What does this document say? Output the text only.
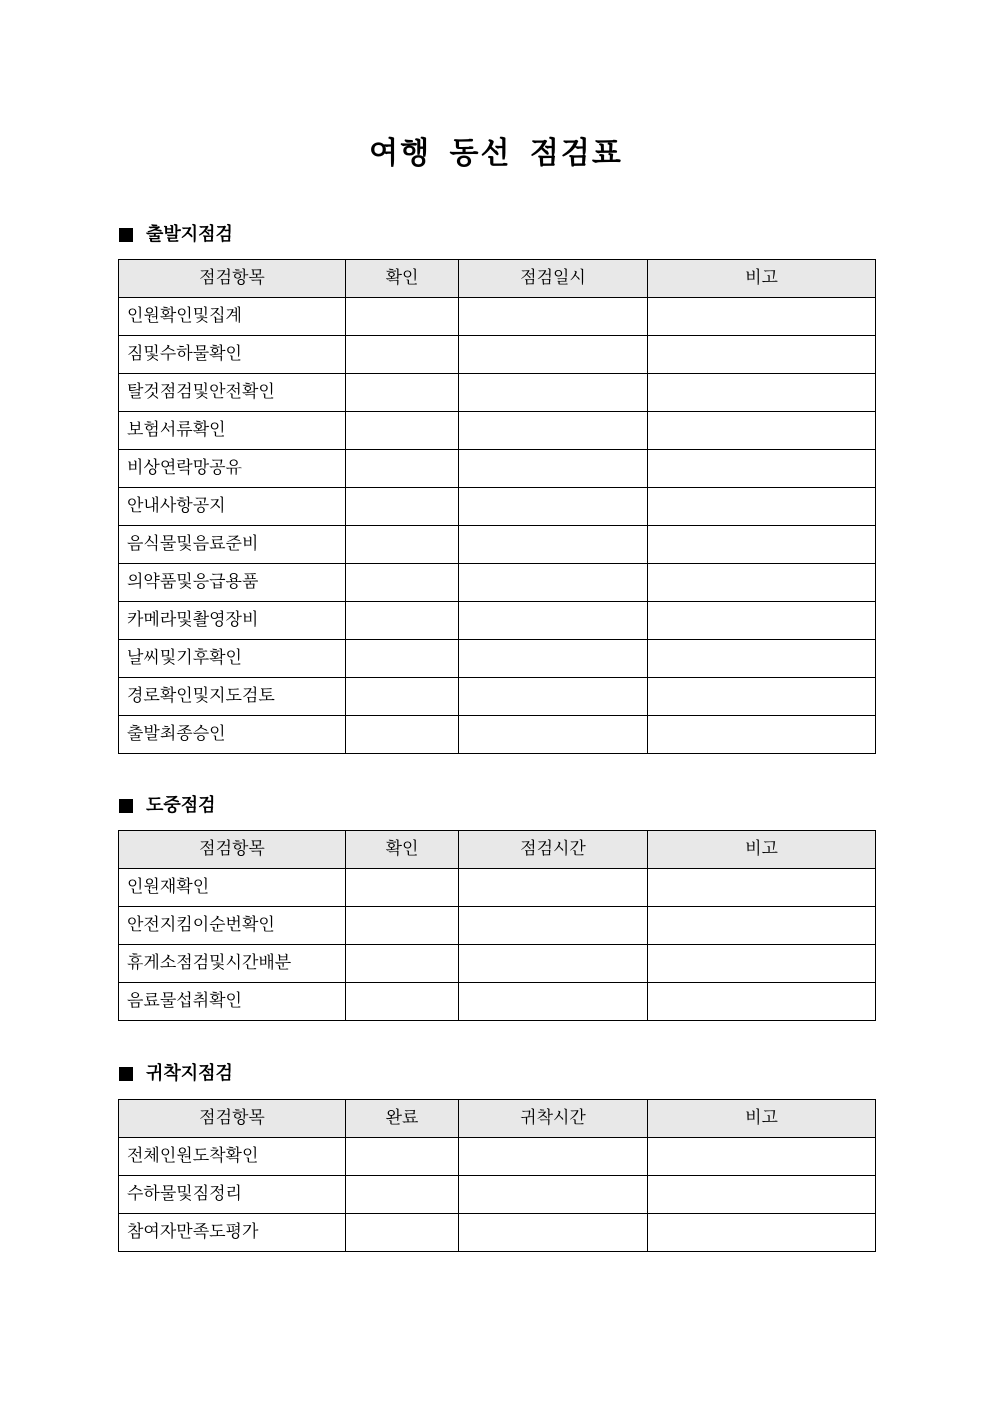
여행 동선 점검표
출발지점검
점검항목	확인	점검일시	비고
인원확인및집계			
짐및수하물확인			
탈것점검및안전확인			
보험서류확인			
비상연락망공유			
안내사항공지			
음식물및음료준비			
의약품및응급용품			
카메라및촬영장비			
날씨및기후확인			
경로확인및지도검토			
출발최종승인			
도중점검
점검항목	확인	점검시간	비고
인원재확인			
안전지킴이순번확인			
휴게소점검및시간배분			
음료물섭취확인			
귀착지점검
점검항목	완료	귀착시간	비고
전체인원도착확인			
수하물및짐정리			
참여자만족도평가			
